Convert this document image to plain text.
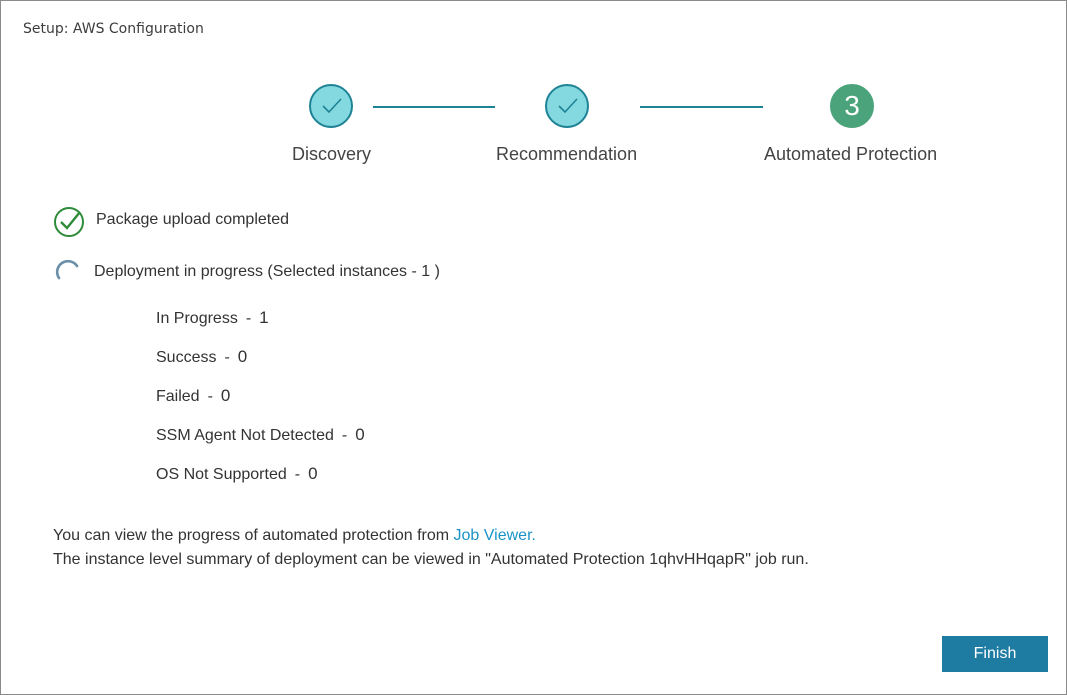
Setup: AWS Configuration
3
Discovery	Recommendation	Automated Protection
Package upload completed
Deployment in progress (Selected instances - 1 )
In Progress - 1
Success - 0
Failed - 0
SSM Agent Not Detected - 0
OS Not Supported - 0
You can view the progress of automated protection from Job Viewer.
The instance level summary of deployment can be viewed in "Automated Protection 1qhvHHqapR" job run.
Finish
